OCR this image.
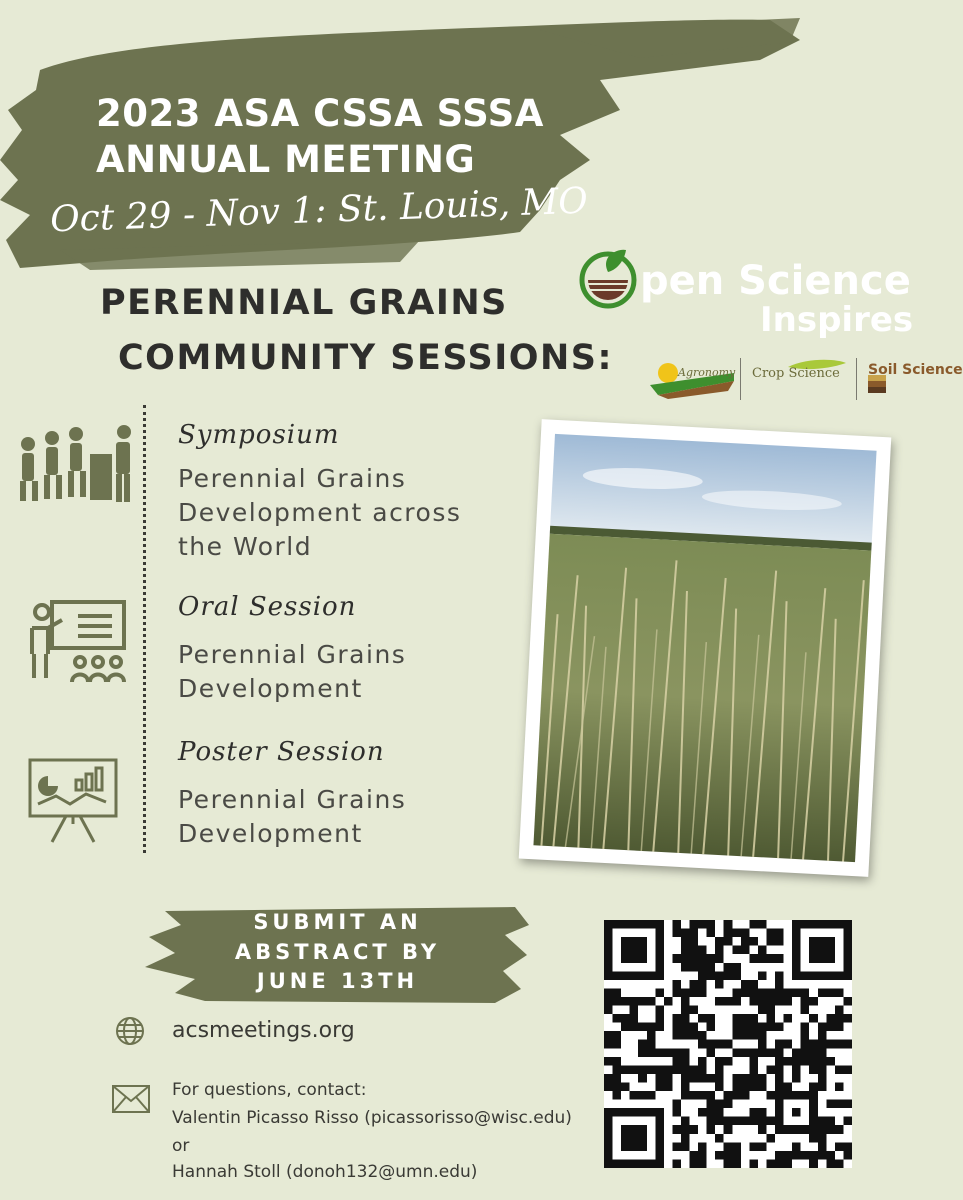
2023 ASA CSSA SSSA
ANNUAL MEETING
Oct 29 - Nov 1: St. Louis, MO
PERENNIAL GRAINS
COMMUNITY SESSIONS:
pen Science
Inspires
Agronomy Crop Science Soil Science
Symposium
Perennial Grains Development across the World
Oral Session
Perennial Grains Development
Poster Session
Perennial Grains Development
SUBMIT AN
ABSTRACT BY
JUNE 13TH
acsmeetings.org
For questions, contact:
Valentin Picasso Risso (picassorisso@wisc.edu)
or
Hannah Stoll (donoh132@umn.edu)
